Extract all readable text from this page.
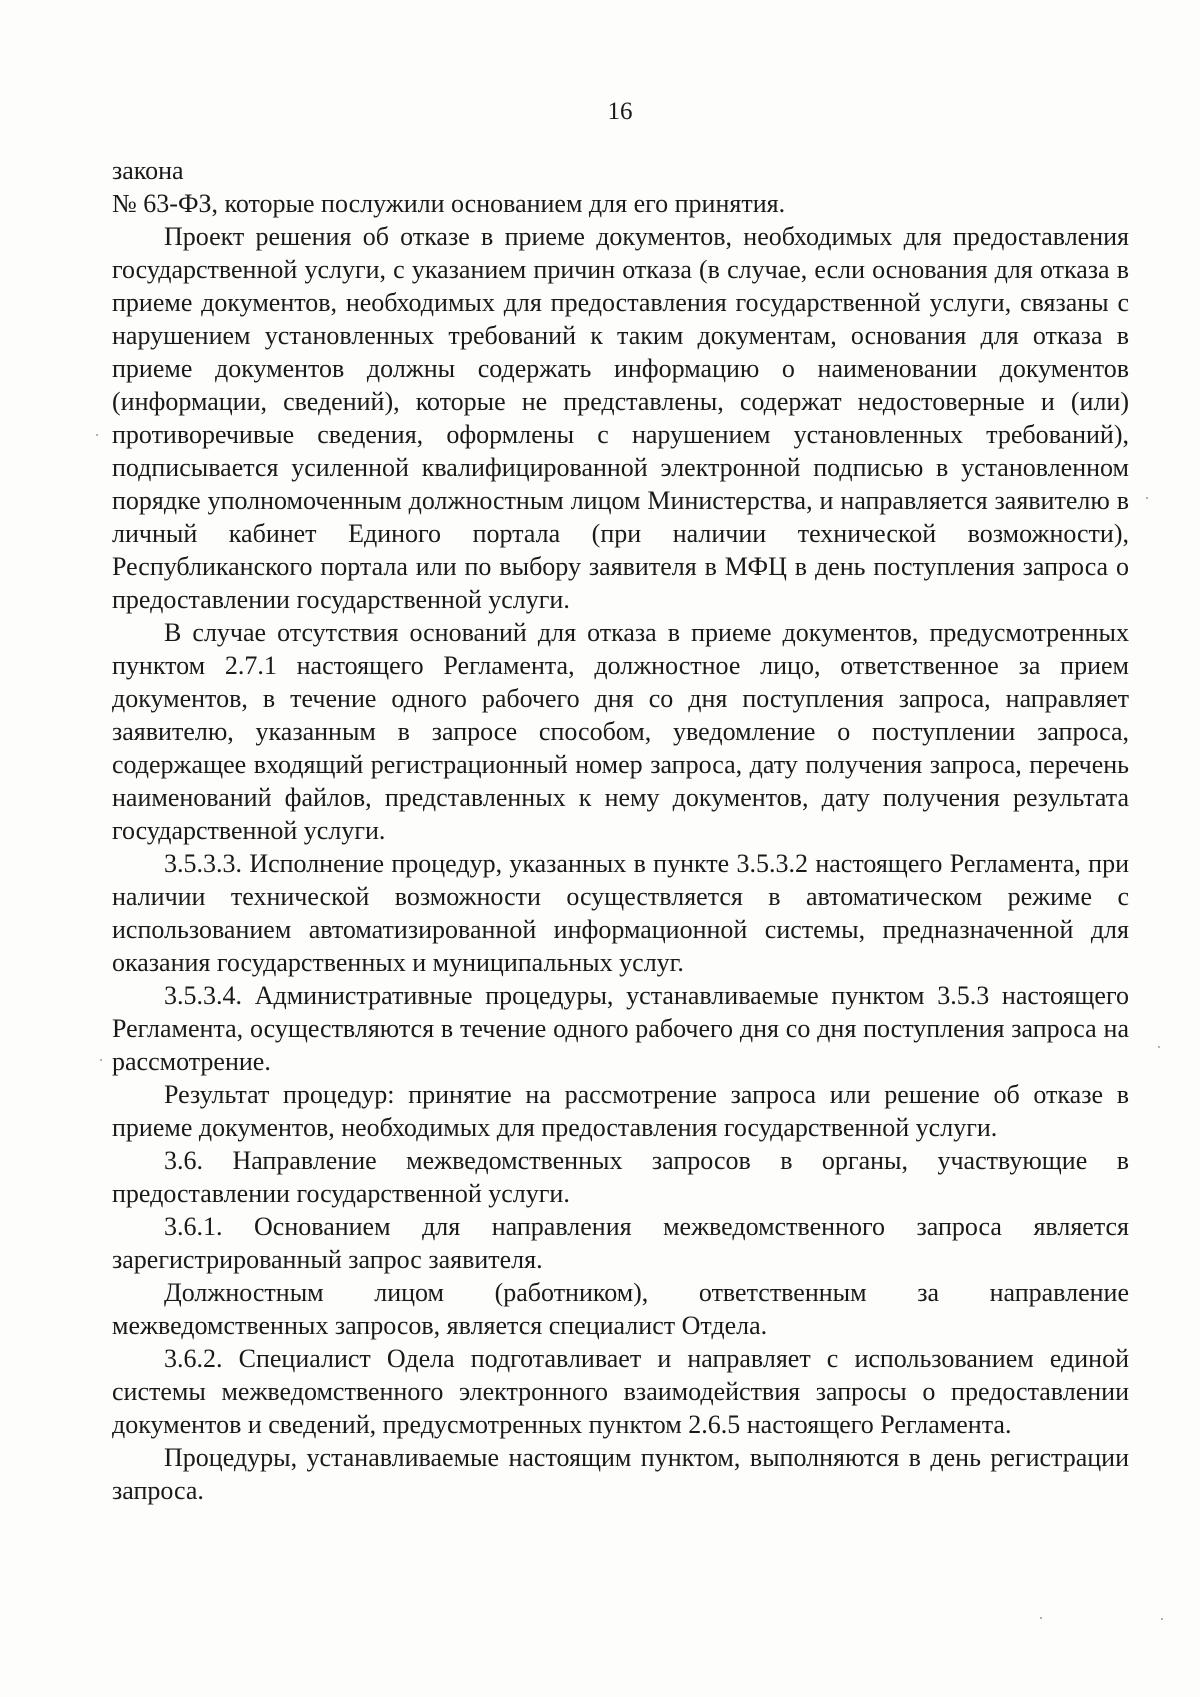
16

закона

№ 63-ФЗ, которые послужили основанием для его принятия.

Проект решения об отказе в приеме документов, необходимых для предоставления государственной услуги, с указанием причин отказа (в случае, если основания для отказа в приеме документов, необходимых для предоставления государственной услуги, связаны с нарушением установленных требований к таким документам, основания для отказа в приеме документов должны содержать информацию о наименовании документов (информации, сведений), которые не представлены, содержат недостоверные и (или) противоречивые сведения, оформлены с нарушением установленных требований), подписывается усиленной квалифицированной электронной подписью в установленном порядке уполномоченным должностным лицом Министерства, и направляется заявителю в личный кабинет Единого портала (при наличии технической возможности), Республиканского портала или по выбору заявителя в МФЦ в день поступления запроса о предоставлении государственной услуги.

В случае отсутствия оснований для отказа в приеме документов, предусмотренных пунктом 2.7.1 настоящего Регламента, должностное лицо, ответственное за прием документов, в течение одного рабочего дня со дня поступления запроса, направляет заявителю, указанным в запросе способом, уведомление о поступлении запроса, содержащее входящий регистрационный номер запроса, дату получения запроса, перечень наименований файлов, представленных к нему документов, дату получения результата государственной услуги.

3.5.3.3. Исполнение процедур, указанных в пункте 3.5.3.2 настоящего Регламента, при наличии технической возможности осуществляется в автоматическом режиме с использованием автоматизированной информационной системы, предназначенной для оказания государственных и муниципальных услуг.

3.5.3.4. Административные процедуры, устанавливаемые пунктом 3.5.3 настоящего Регламента, осуществляются в течение одного рабочего дня со дня поступления запроса на рассмотрение.

Результат процедур: принятие на рассмотрение запроса или решение об отказе в приеме документов, необходимых для предоставления государственной услуги.

3.6. Направление межведомственных запросов в органы, участвующие в предоставлении государственной услуги.

3.6.1. Основанием для направления межведомственного запроса является зарегистрированный запрос заявителя.

Должностным лицом (работником), ответственным за направление межведомственных запросов, является специалист Отдела.

3.6.2. Специалист Одела подготавливает и направляет с использованием единой системы межведомственного электронного взаимодействия запросы о предоставлении документов и сведений, предусмотренных пунктом 2.6.5 настоящего Регламента.

Процедуры, устанавливаемые настоящим пунктом, выполняются в день регистрации запроса.
